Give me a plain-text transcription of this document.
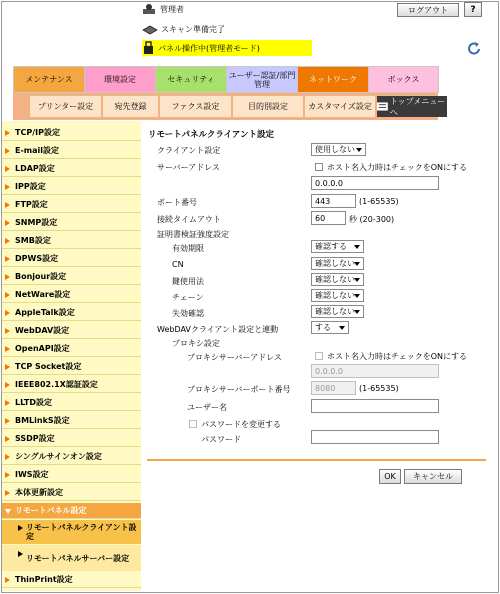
管理者	ログアウト	?
スキャン準備完了
パネル操作中(管理者モード)
メンテナンス	環境設定	セキュリティ ユーザー認証/部門管理	ネットワーク	ボックス
プリンター設定	宛先登録	ファクス設定	目的別設定	カスタマイズ設定
トップメニューへ
TCP/IP設定
E-mail設定
LDAP設定
IPP設定
FTP設定
SNMP設定
SMB設定
DPWS設定
Bonjour設定
NetWare設定
AppleTalk設定
WebDAV設定
OpenAPI設定
TCP Socket設定
IEEE802.1X認証設定
LLTD設定
BMLinkS設定
SSDP設定
シングルサインオン設定
IWS設定
本体更新設定
リモートパネル設定
リモートパネルクライアント設定
リモートパネルサーバー設定
ThinPrint設定
リモートパネルクライアント設定
クライアント設定	使用しない
サーバーアドレス	ホスト名入力時はチェックをONにする
0.0.0.0
ポート番号	443	(1-65535)
接続タイムアウト	60	秒 (20-300)
証明書検証強度設定
有効期限	確認する
CN	確認しない
鍵使用法	確認しない
チェーン	確認しない
失効確認	確認しない
WebDAVクライアント設定と連動	する
プロキシ設定
プロキシサーバーアドレス	ホスト名入力時はチェックをONにする
0.0.0.0
プロキシサーバーポート番号	8080	(1-65535)
ユーザー名
パスワードを変更する
パスワード
OK	キャンセル
